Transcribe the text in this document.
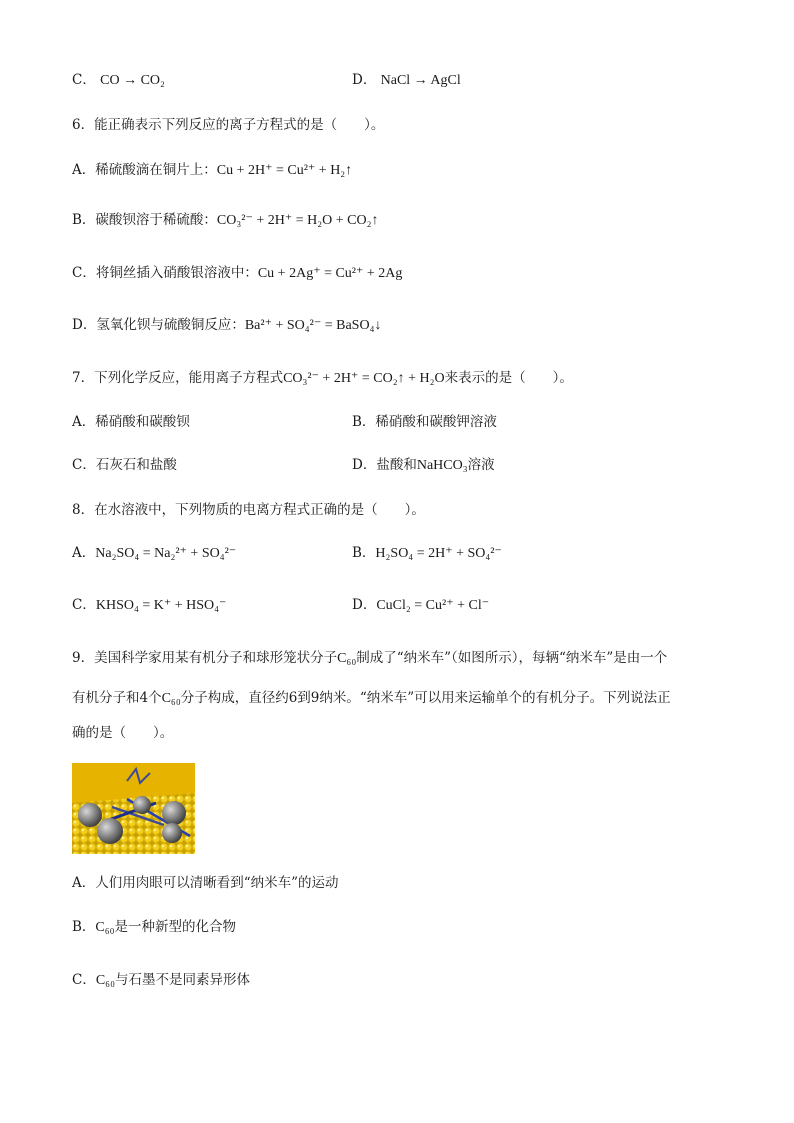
C． CO → CO₂	D． NaCl → AgCl
6．能正确表示下列反应的离子方程式的是（　　）。
A．稀硫酸滴在铜片上：Cu + 2H⁺ = Cu²⁺ + H₂↑
B．碳酸钡溶于稀硫酸：CO₃²⁻ + 2H⁺ = H₂O + CO₂↑
C．将铜丝插入硝酸银溶液中：Cu + 2Ag⁺ = Cu²⁺ + 2Ag
D．氢氧化钡与硫酸铜反应：Ba²⁺ + SO₄²⁻ = BaSO₄↓
7．下列化学反应，能用离子方程式CO₃²⁻ + 2H⁺ = CO₂↑ + H₂O来表示的是（　　）。
A．稀硝酸和碳酸钡	B．稀硝酸和碳酸钾溶液
C．石灰石和盐酸	D．盐酸和NaHCO₃溶液
8．在水溶液中，下列物质的电离方程式正确的是（　　）。
A．Na₂SO₄ = Na₂²⁺ + SO₄²⁻	B．H₂SO₄ = 2H⁺ + SO₄²⁻
C．KHSO₄ = K⁺ + HSO₄⁻	D．CuCl₂ = Cu²⁺ + Cl⁻
9．美国科学家用某有机分子和球形笼状分子C₆₀制成了“纳米车”（如图所示），每辆“纳米车”是由一个
有机分子和4个C₆₀分子构成，直径约6到9纳米。“纳米车”可以用来运输单个的有机分子。下列说法正
确的是（　　）。
A．人们用肉眼可以清晰看到“纳米车”的运动
B．C₆₀是一种新型的化合物
C．C₆₀与石墨不是同素异形体
